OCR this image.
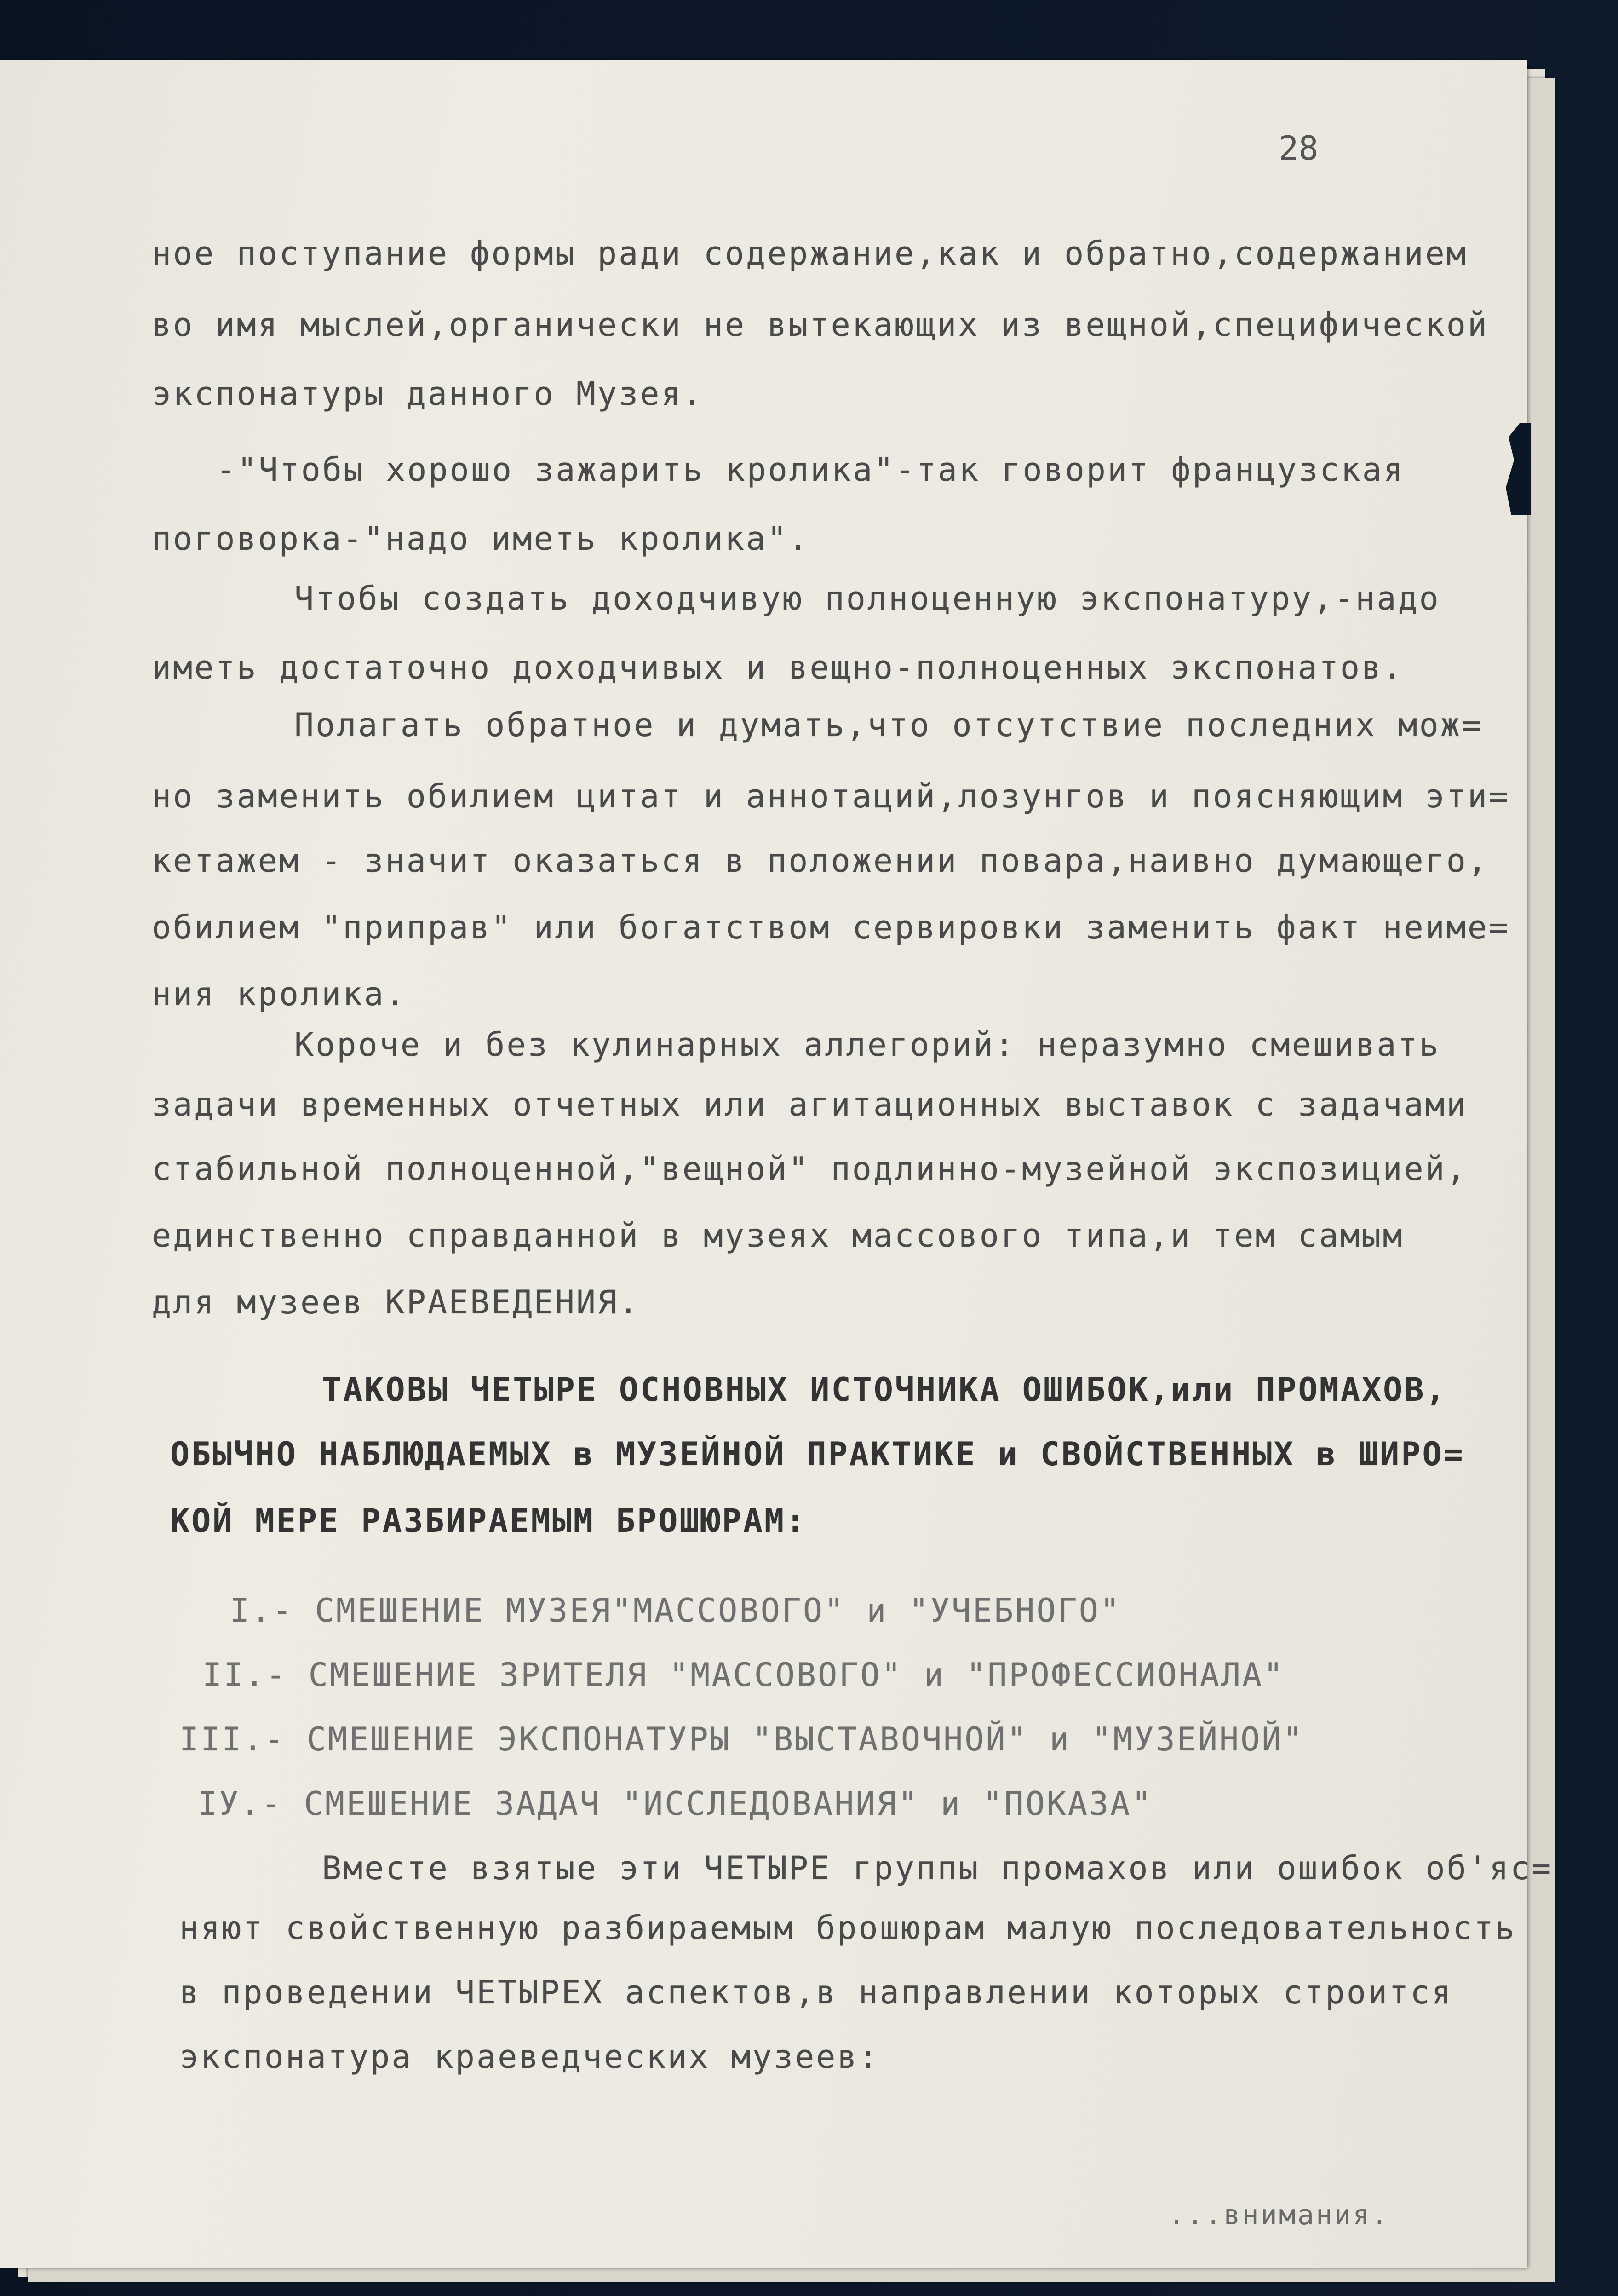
28
ное поступание формы ради содержание,как и обратно,содержанием
во имя мыслей,органически не вытекающих из вещной,специфической
экспонатуры данного Музея.
-"Чтобы хорошо зажарить кролика"-так говорит французская
поговорка-"надо иметь кролика".
Чтобы создать доходчивую полноценную экспонатуру,-надо
иметь достаточно доходчивых и вещно-полноценных экспонатов.
Полагать обратное и думать,что отсутствие последних мож=
но заменить обилием цитат и аннотаций,лозунгов и поясняющим эти=
кетажем - значит оказаться в положении повара,наивно думающего,
обилием "приправ" или богатством сервировки заменить факт неиме=
ния кролика.
Короче и без кулинарных аллегорий: неразумно смешивать
задачи временных отчетных или агитационных выставок с задачами
стабильной полноценной,"вещной" подлинно-музейной экспозицией,
единственно справданной в музеях массового типа,и тем самым
для музеев КРАЕВЕДЕНИЯ.
ТАКОВЫ ЧЕТЫРЕ ОСНОВНЫХ ИСТОЧНИКА ОШИБОК,или ПРОМАХОВ,
ОБЫЧНО НАБЛЮДАЕМЫХ в МУЗЕЙНОЙ ПРАКТИКЕ и СВОЙСТВЕННЫХ в ШИРО=
КОЙ МЕРЕ РАЗБИРАЕМЫМ БРОШЮРАМ:
I.- СМЕШЕНИЕ МУЗЕЯ"МАССОВОГО" и "УЧЕБНОГО"
II.- СМЕШЕНИЕ ЗРИТЕЛЯ "МАССОВОГО" и "ПРОФЕССИОНАЛА"
III.- СМЕШЕНИЕ ЭКСПОНАТУРЫ "ВЫСТАВОЧНОЙ" и "МУЗЕЙНОЙ"
IУ.- СМЕШЕНИЕ ЗАДАЧ "ИССЛЕДОВАНИЯ" и "ПОКАЗА"
Вместе взятые эти ЧЕТЫРЕ группы промахов или ошибок об'яс=
няют свойственную разбираемым брошюрам малую последовательность
в проведении ЧЕТЫРЕХ аспектов,в направлении которых строится
экспонатура краеведческих музеев:
...внимания.
